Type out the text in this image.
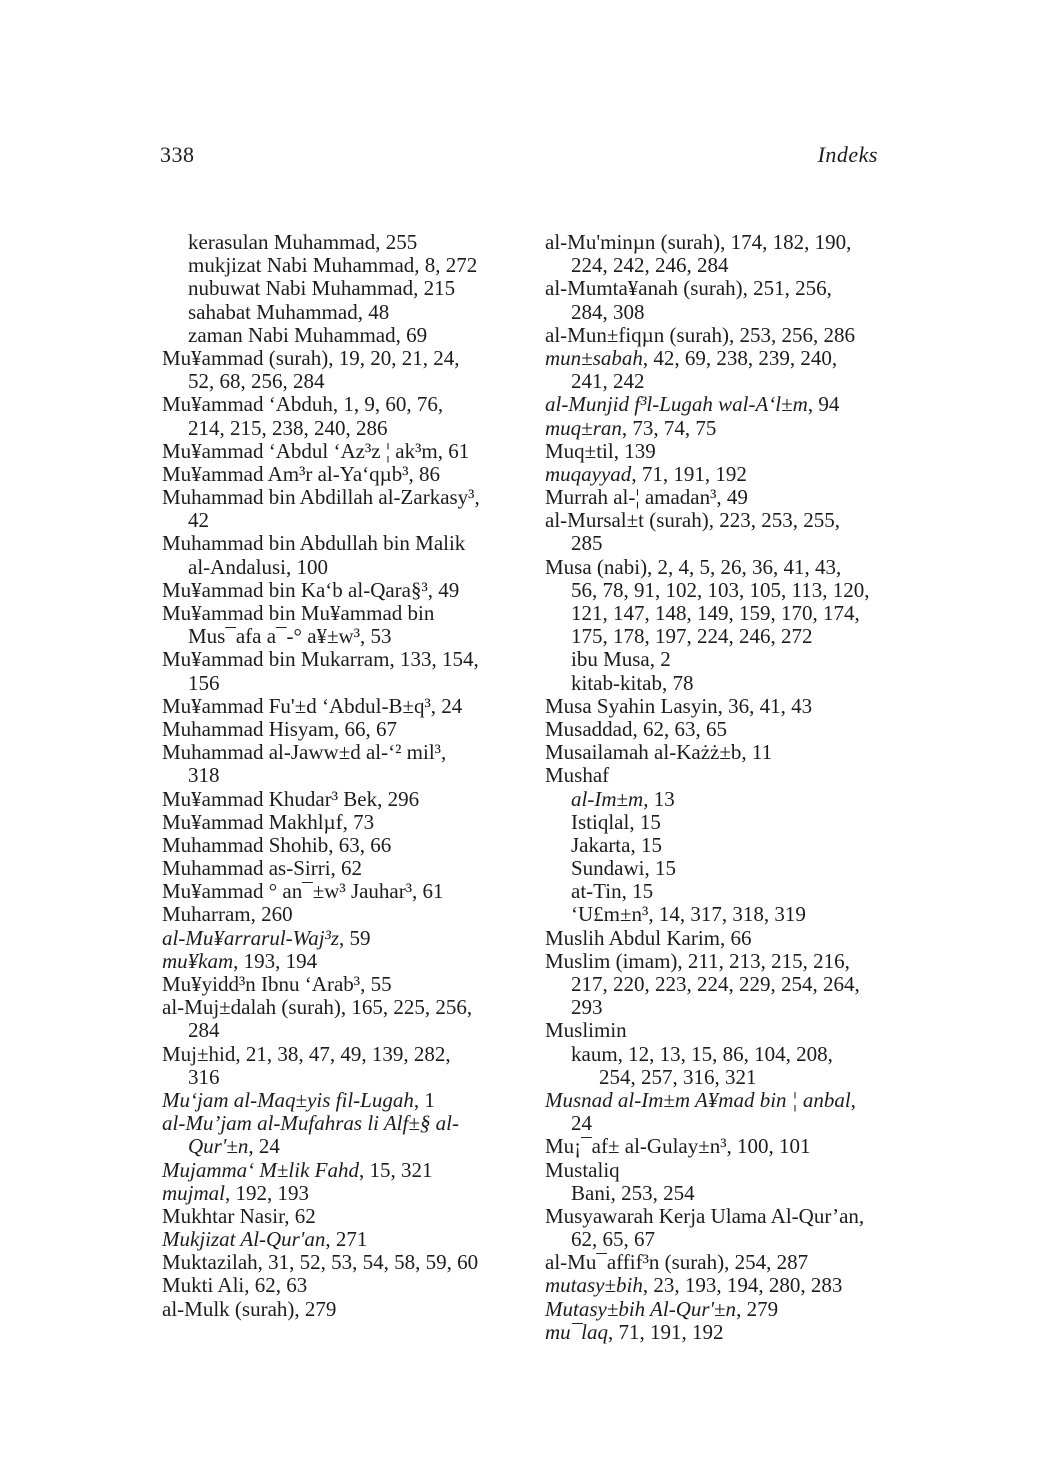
338	Indeks
kerasulan Muhammad, 255
mukjizat Nabi Muhammad, 8, 272
nubuwat Nabi Muhammad, 215
sahabat Muhammad, 48
zaman Nabi Muhammad, 69
Mu¥ammad (surah), 19, 20, 21, 24,
52, 68, 256, 284
Mu¥ammad ‘Abduh, 1, 9, 60, 76,
214, 215, 238, 240, 286
Mu¥ammad ‘Abdul ‘Az³z ¦ ak³m, 61
Mu¥ammad Am³r al-Ya‘qµb³, 86
Muhammad bin Abdillah al-Zarkasy³,
42
Muhammad bin Abdullah bin Malik
al-Andalusi, 100
Mu¥ammad bin Ka‘b al-Qara§³, 49
Mu¥ammad bin Mu¥ammad bin
Mus¯afa a¯-° a¥±w³, 53
Mu¥ammad bin Mukarram, 133, 154,
156
Mu¥ammad Fu'±d ‘Abdul-B±q³, 24
Muhammad Hisyam, 66, 67
Muhammad al-Jaww±d al-‘² mil³,
318
Mu¥ammad Khudar³ Bek, 296
Mu¥ammad Makhlµf, 73
Muhammad Shohib, 63, 66
Muhammad as-Sirri, 62
Mu¥ammad ° an¯±w³ Jauhar³, 61
Muharram, 260
al-Mu¥arrarul-Waj³z, 59
mu¥kam, 193, 194
Mu¥yidd³n Ibnu ‘Arab³, 55
al-Muj±dalah (surah), 165, 225, 256,
284
Muj±hid, 21, 38, 47, 49, 139, 282,
316
Mu‘jam al-Maq±yis fil-Lugah, 1
al-Mu’jam al-Mufahras li Alf±§ al-
Qur'±n, 24
Mujamma‘ M±lik Fahd, 15, 321
mujmal, 192, 193
Mukhtar Nasir, 62
Mukjizat Al-Qur'an, 271
Muktazilah, 31, 52, 53, 54, 58, 59, 60
Mukti Ali, 62, 63
al-Mulk (surah), 279
al-Mu'minµn (surah), 174, 182, 190,
224, 242, 246, 284
al-Mumta¥anah (surah), 251, 256,
284, 308
al-Mun±fiqµn (surah), 253, 256, 286
mun±sabah, 42, 69, 238, 239, 240,
241, 242
al-Munjid f³l-Lugah wal-A‘l±m, 94
muq±ran, 73, 74, 75
Muq±til, 139
muqayyad, 71, 191, 192
Murrah al-¦ amadan³, 49
al-Mursal±t (surah), 223, 253, 255,
285
Musa (nabi), 2, 4, 5, 26, 36, 41, 43,
56, 78, 91, 102, 103, 105, 113, 120,
121, 147, 148, 149, 159, 170, 174,
175, 178, 197, 224, 246, 272
ibu Musa, 2
kitab-kitab, 78
Musa Syahin Lasyin, 36, 41, 43
Musaddad, 62, 63, 65
Musailamah al-Każż±b, 11
Mushaf
al-Im±m, 13
Istiqlal, 15
Jakarta, 15
Sundawi, 15
at-Tin, 15
‘U£m±n³, 14, 317, 318, 319
Muslih Abdul Karim, 66
Muslim (imam), 211, 213, 215, 216,
217, 220, 223, 224, 229, 254, 264,
293
Muslimin
kaum, 12, 13, 15, 86, 104, 208,
254, 257, 316, 321
Musnad al-Im±m A¥mad bin ¦ anbal,
24
Mu¡¯af± al-Gulay±n³, 100, 101
Mustaliq
Bani, 253, 254
Musyawarah Kerja Ulama Al-Qur’an,
62, 65, 67
al-Mu¯affif³n (surah), 254, 287
mutasy±bih, 23, 193, 194, 280, 283
Mutasy±bih Al-Qur'±n, 279
mu¯laq, 71, 191, 192
